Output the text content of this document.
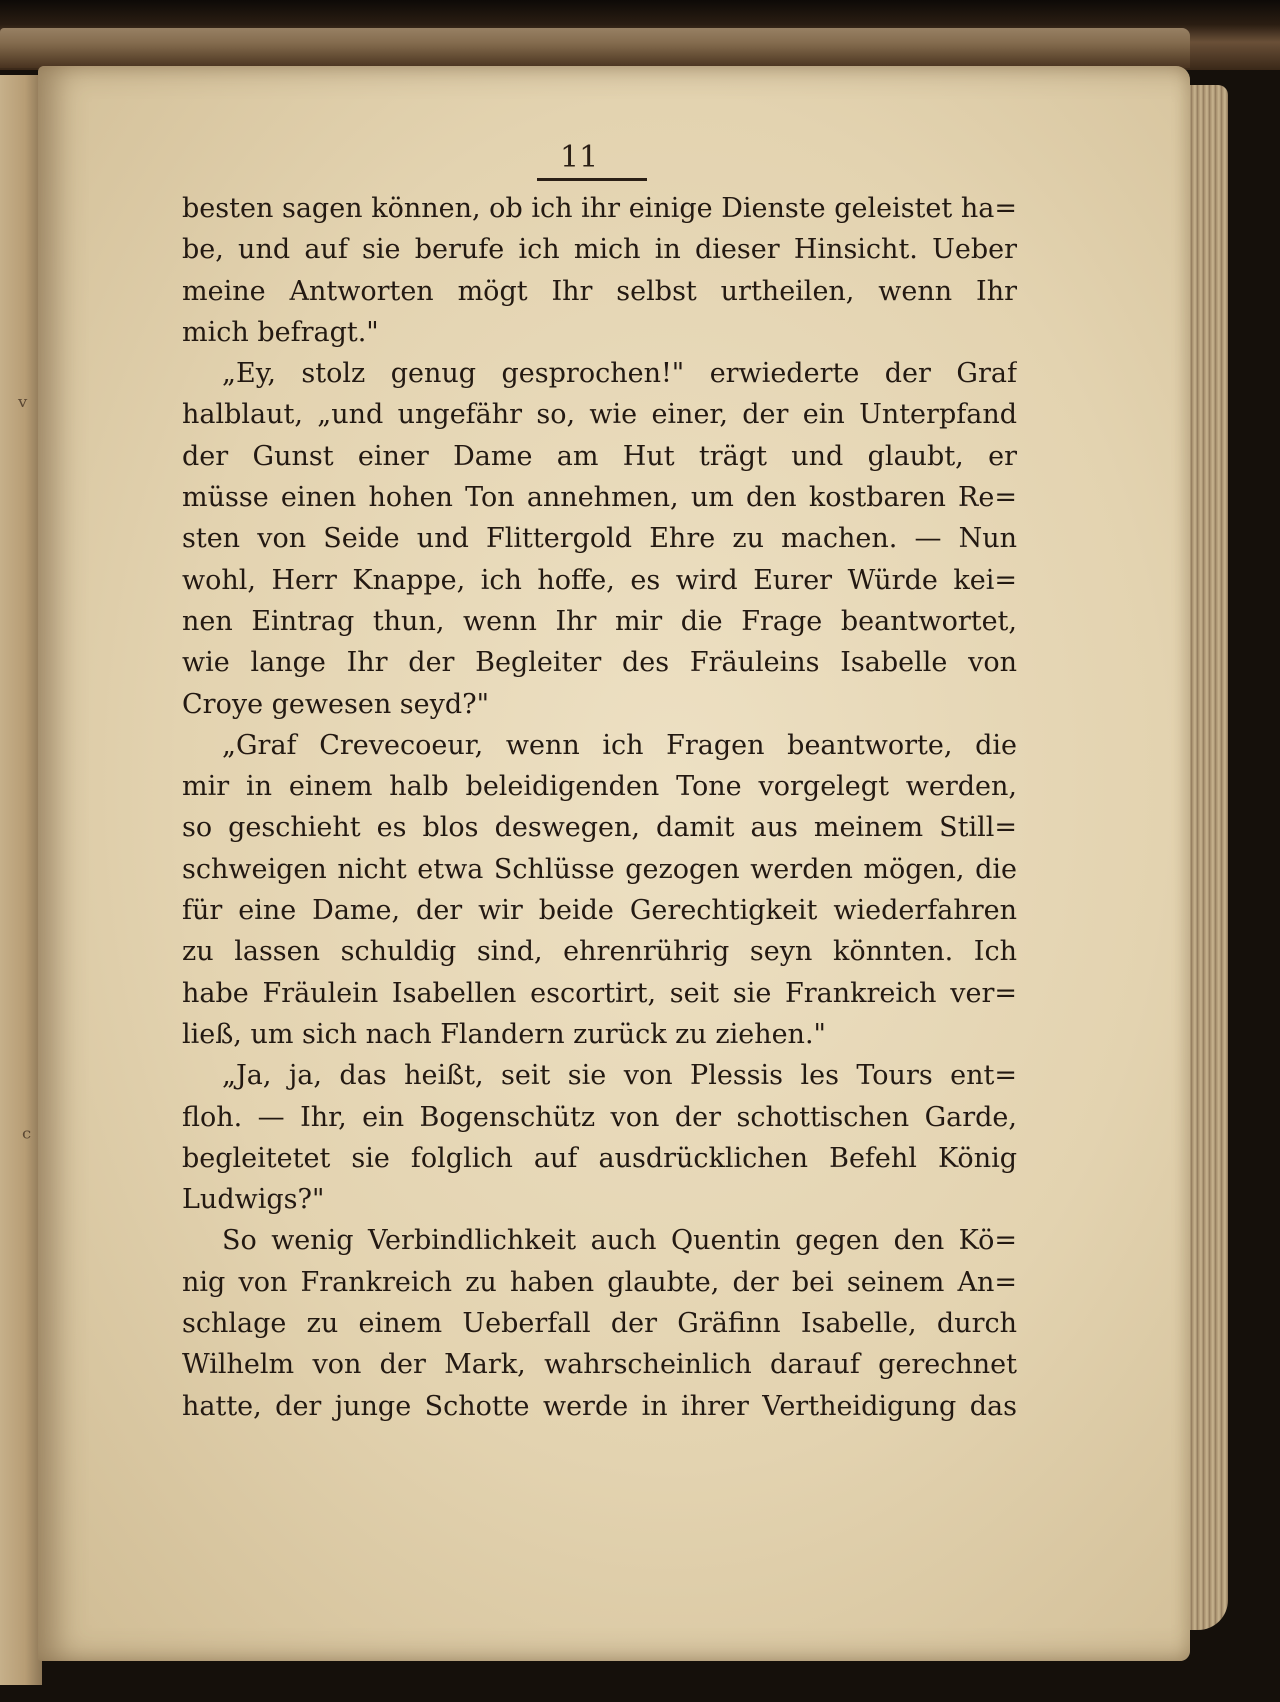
ᵥ
ᶜ
11
besten sagen können, ob ich ihr einige Dienste geleistet ha=
be, und auf sie berufe ich mich in dieser Hinsicht. Ueber
meine Antworten mögt Ihr selbst urtheilen, wenn Ihr
mich befragt."
„Ey, stolz genug gesprochen!" erwiederte der Graf
halblaut, „und ungefähr so, wie einer, der ein Unterpfand
der Gunst einer Dame am Hut trägt und glaubt, er
müsse einen hohen Ton annehmen, um den kostbaren Re=
sten von Seide und Flittergold Ehre zu machen. — Nun
wohl, Herr Knappe, ich hoffe, es wird Eurer Würde kei=
nen Eintrag thun, wenn Ihr mir die Frage beantwortet,
wie lange Ihr der Begleiter des Fräuleins Isabelle von
Croye gewesen seyd?"
„Graf Crevecoeur, wenn ich Fragen beantworte, die
mir in einem halb beleidigenden Tone vorgelegt werden,
so geschieht es blos deswegen, damit aus meinem Still=
schweigen nicht etwa Schlüsse gezogen werden mögen, die
für eine Dame, der wir beide Gerechtigkeit wiederfahren
zu lassen schuldig sind, ehrenrührig seyn könnten. Ich
habe Fräulein Isabellen escortirt, seit sie Frankreich ver=
ließ, um sich nach Flandern zurück zu ziehen."
„Ja, ja, das heißt, seit sie von Plessis les Tours ent=
floh. — Ihr, ein Bogenschütz von der schottischen Garde,
begleitetet sie folglich auf ausdrücklichen Befehl König
Ludwigs?"
So wenig Verbindlichkeit auch Quentin gegen den Kö=
nig von Frankreich zu haben glaubte, der bei seinem An=
schlage zu einem Ueberfall der Gräfinn Isabelle, durch
Wilhelm von der Mark, wahrscheinlich darauf gerechnet
hatte, der junge Schotte werde in ihrer Vertheidigung das
